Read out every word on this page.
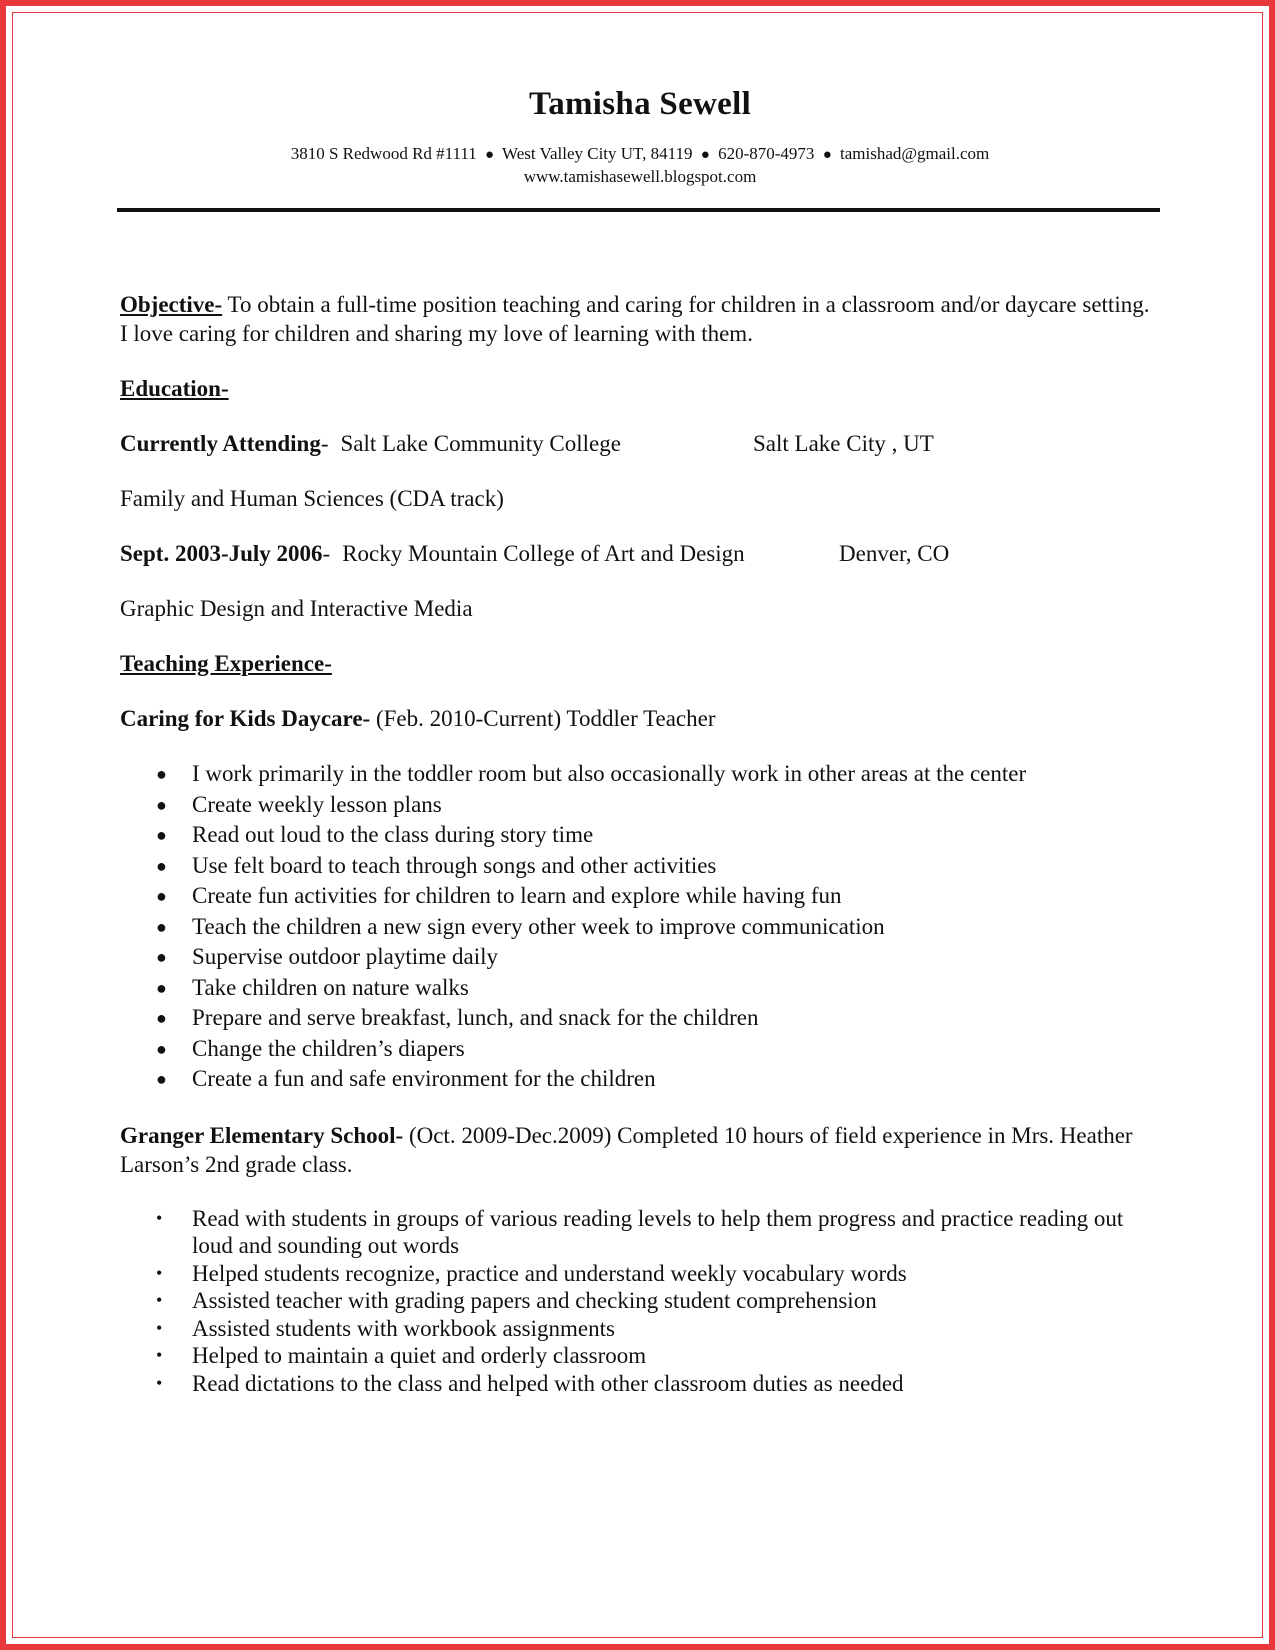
Tamisha Sewell
3810 S Redwood Rd #1111 ● West Valley City UT, 84119 ● 620-870-4973 ● tamishad@gmail.com
www.tamishasewell.blogspot.com
Objective- To obtain a full-time position teaching and caring for children in a classroom and/or daycare setting. I love caring for children and sharing my love of learning with them.
Education-
Currently Attending- Salt Lake Community College	Salt Lake City , UT
Family and Human Sciences (CDA track)
Sept. 2003-July 2006- Rocky Mountain College of Art and Design	Denver, CO
Graphic Design and Interactive Media
Teaching Experience-
Caring for Kids Daycare- (Feb. 2010-Current) Toddler Teacher
● I work primarily in the toddler room but also occasionally work in other areas at the center
● Create weekly lesson plans
● Read out loud to the class during story time
● Use felt board to teach through songs and other activities
● Create fun activities for children to learn and explore while having fun
● Teach the children a new sign every other week to improve communication
● Supervise outdoor playtime daily
● Take children on nature walks
● Prepare and serve breakfast, lunch, and snack for the children
● Change the children’s diapers
● Create a fun and safe environment for the children
Granger Elementary School- (Oct. 2009-Dec.2009) Completed 10 hours of field experience in Mrs. Heather Larson’s 2nd grade class.
• Read with students in groups of various reading levels to help them progress and practice reading out loud and sounding out words
• Helped students recognize, practice and understand weekly vocabulary words
• Assisted teacher with grading papers and checking student comprehension
• Assisted students with workbook assignments
• Helped to maintain a quiet and orderly classroom
• Read dictations to the class and helped with other classroom duties as needed
